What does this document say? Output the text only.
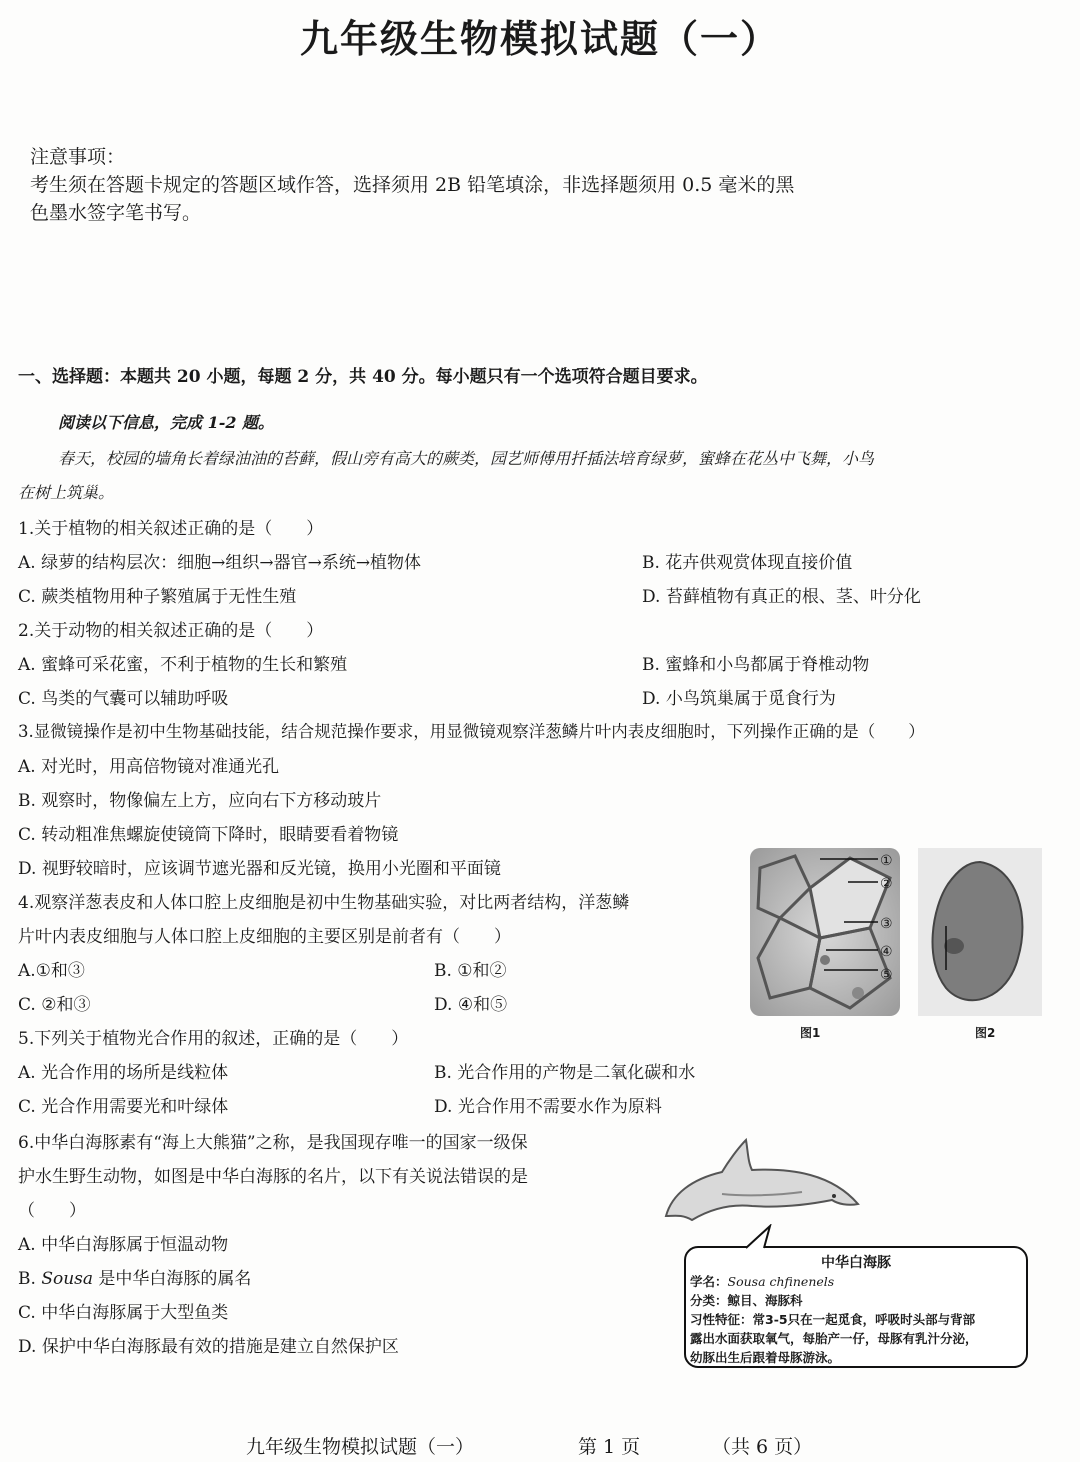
九年级生物模拟试题（一）
注意事项：
考生须在答题卡规定的答题区域作答，选择须用 2B 铅笔填涂，非选择题须用 0.5 毫米的黑
色墨水签字笔书写。
一、选择题：本题共 20 小题，每题 2 分，共 40 分。每小题只有一个选项符合题目要求。
阅读以下信息，完成 1-2 题。
春天，校园的墙角长着绿油油的苔藓，假山旁有高大的蕨类，园艺师傅用扦插法培育绿萝，蜜蜂在花丛中飞舞，小鸟
在树上筑巢。
1.关于植物的相关叙述正确的是（　　）
A. 绿萝的结构层次：细胞→组织→器官→系统→植物体	B. 花卉供观赏体现直接价值
C. 蕨类植物用种子繁殖属于无性生殖	D. 苔藓植物有真正的根、茎、叶分化
2.关于动物的相关叙述正确的是（　　）
A. 蜜蜂可采花蜜，不利于植物的生长和繁殖	B. 蜜蜂和小鸟都属于脊椎动物
C. 鸟类的气囊可以辅助呼吸	D. 小鸟筑巢属于觅食行为
3.显微镜操作是初中生物基础技能，结合规范操作要求，用显微镜观察洋葱鳞片叶内表皮细胞时，下列操作正确的是（　　）
A. 对光时，用高倍物镜对准通光孔
B. 观察时，物像偏左上方，应向右下方移动玻片
C. 转动粗准焦螺旋使镜筒下降时，眼睛要看着物镜
D. 视野较暗时，应该调节遮光器和反光镜，换用小光圈和平面镜
4.观察洋葱表皮和人体口腔上皮细胞是初中生物基础实验，对比两者结构，洋葱鳞
片叶内表皮细胞与人体口腔上皮细胞的主要区别是前者有（　　）
A.①和③	B. ①和②
C. ②和③	D. ④和⑤
①
②
③
④
⑤
图1	图2
5.下列关于植物光合作用的叙述，正确的是（　　）
A. 光合作用的场所是线粒体	B. 光合作用的产物是二氧化碳和水
C. 光合作用需要光和叶绿体	D. 光合作用不需要水作为原料
6.中华白海豚素有“海上大熊猫”之称，是我国现存唯一的国家一级保
护水生野生动物，如图是中华白海豚的名片，以下有关说法错误的是
（　　）
A. 中华白海豚属于恒温动物
B. Sousa 是中华白海豚的属名
C. 中华白海豚属于大型鱼类
D. 保护中华白海豚最有效的措施是建立自然保护区
中华白海豚
学名：Sousa chfinenels
分类：鲸目、海豚科
习性特征：常3-5只在一起觅食，呼吸时头部与背部
露出水面获取氧气，每胎产一仔，母豚有乳汁分泌，
幼豚出生后跟着母豚游泳。
九年级生物模拟试题（一）	第 1 页	（共 6 页）
